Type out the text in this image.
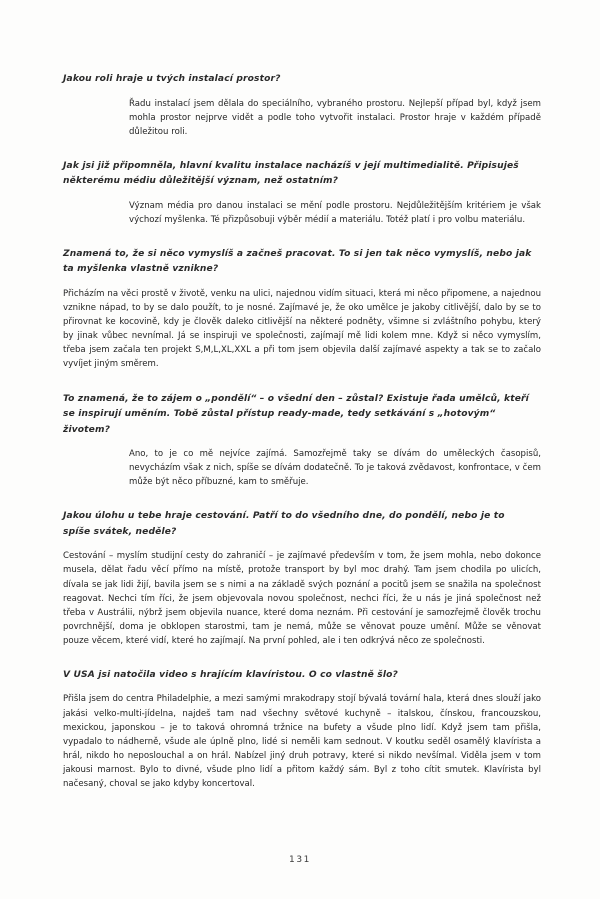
Jakou roli hraje u tvých instalací prostor?

Řadu instalací jsem dělala do speciálního, vybraného prostoru. Nejlepší případ byl, když jsem mohla prostor nejprve vidět a podle toho vytvořit instalaci. Prostor hraje v každém případě důležitou roli.

Jak jsi již připomněla, hlavní kvalitu instalace nacházíš v její multimedialitě. Připisuješ některému médiu důležitější význam, než ostatním?

Význam média pro danou instalaci se mění podle prostoru. Nejdůležitějším kritériem je však výchozí myšlenka. Té přizpůsobuji výběr médií a materiálu. Totéž platí i pro volbu materiálu.

Znamená to, že si něco vymyslíš a začneš pracovat. To si jen tak něco vymyslíš, nebo jak ta myšlenka vlastně vznikne?

Přicházím na věci prostě v životě, venku na ulici, najednou vidím situaci, která mi něco připomene, a najednou vznikne nápad, to by se dalo použít, to je nosné. Zajímavé je, že oko umělce je jakoby citlivější, dalo by se to přirovnat ke kocovině, kdy je člověk daleko citlivější na některé podněty, všimne si zvláštního pohybu, který by jinak vůbec nevnímal. Já se inspiruji ve společnosti, zajímají mě lidi kolem mne. Když si něco vymyslím, třeba jsem začala ten projekt S,M,L,XL,XXL a při tom jsem objevila další zajímavé aspekty a tak se to začalo vyvíjet jiným směrem.

To znamená, že to zájem o „pondělí“ – o všední den – zůstal? Existuje řada umělců, kteří se inspirují uměním. Tobě zůstal přístup ready-made, tedy setkávání s „hotovým“ životem?

Ano, to je co mě nejvíce zajímá. Samozřejmě taky se dívám do uměleckých časopisů, nevycházím však z nich, spíše se dívám dodatečně. To je taková zvědavost, konfrontace, v čem může být něco příbuzné, kam to směřuje.

Jakou úlohu u tebe hraje cestování. Patří to do všedního dne, do pondělí, nebo je to spíše svátek, neděle?

Cestování – myslím studijní cesty do zahraničí – je zajímavé především v tom, že jsem mohla, nebo dokonce musela, dělat řadu věcí přímo na místě, protože transport by byl moc drahý. Tam jsem chodila po ulicích, dívala se jak lidi žijí, bavila jsem se s nimi a na základě svých poznání a pocitů jsem se snažila na společnost reagovat. Nechci tím říci, že jsem objevovala novou společnost, nechci říci, že u nás je jiná společnost než třeba v Austrálii, nýbrž jsem objevila nuance, které doma neznám. Při cestování je samozřejmě člověk trochu povrchnější, doma je obklopen starostmi, tam je nemá, může se věnovat pouze umění. Může se věnovat pouze věcem, které vidí, které ho zajímají. Na první pohled, ale i ten odkrývá něco ze společnosti.

V USA jsi natočila video s hrajícím klavíristou. O co vlastně šlo?

Přišla jsem do centra Philadelphie, a mezi samými mrakodrapy stojí bývalá tovární hala, která dnes slouží jako jakási velko-multi-jídelna, najdeš tam nad všechny světové kuchyně – italskou, čínskou, francouzskou, mexickou, japonskou – je to taková ohromná tržnice na bufety a všude plno lidí. Když jsem tam přišla, vypadalo to nádherně, všude ale úplně plno, lidé si neměli kam sednout. V koutku seděl osamělý klavírista a hrál, nikdo ho neposlouchal a on hrál. Nabízel jiný druh potravy, které si nikdo nevšímal. Viděla jsem v tom jakousi marnost. Bylo to divné, všude plno lidí a přitom každý sám. Byl z toho cítit smutek. Klavírista byl načesaný, choval se jako kdyby koncertoval.

131
